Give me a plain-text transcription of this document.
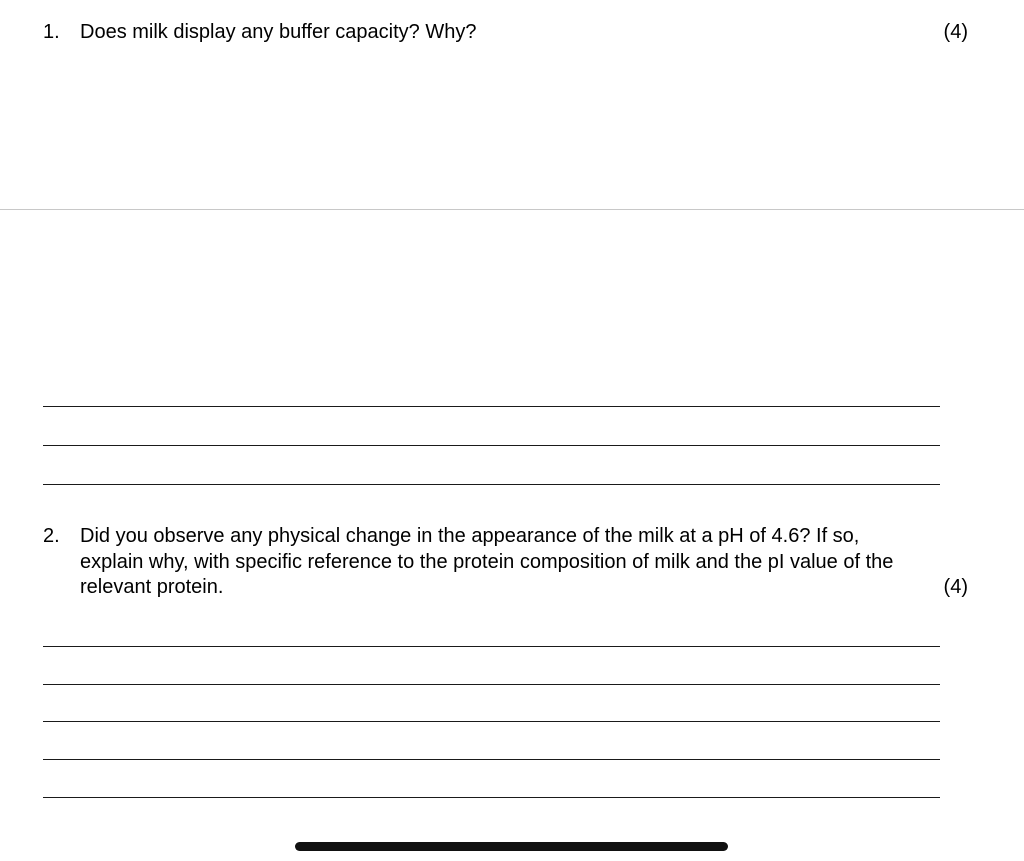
1. Does milk display any buffer capacity? Why?	(4)
2. Did you observe any physical change in the appearance of the milk at a pH of 4.6? If so,
explain why, with specific reference to the protein composition of milk and the pI value of the
relevant protein.	(4)
